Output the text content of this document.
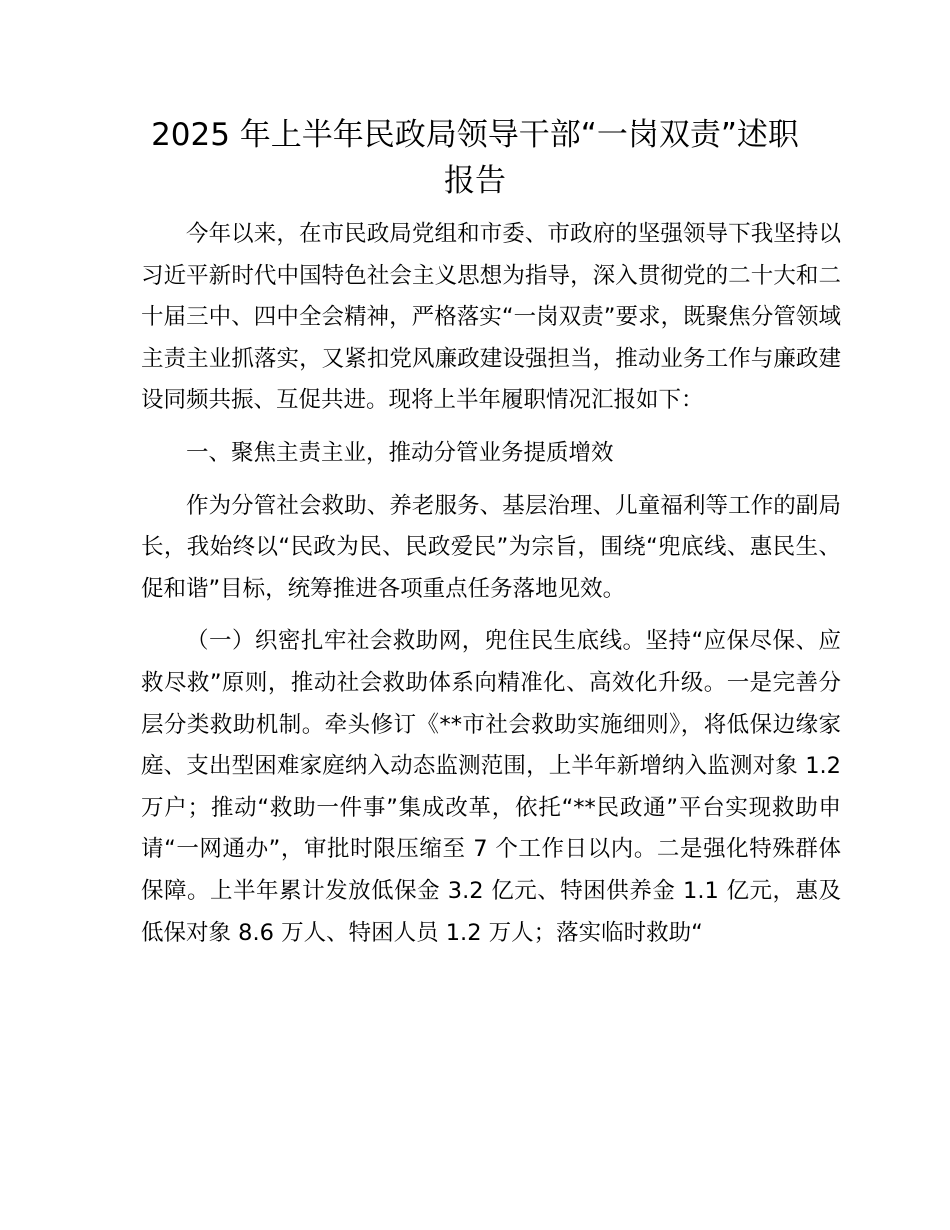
2025 年上半年民政局领导干部“一岗双责”述职报告

今年以来，在市民政局党组和市委、市政府的坚强领导下我坚持以习近平新时代中国特色社会主义思想为指导，深入贯彻党的二十大和二十届三中、四中全会精神，严格落实“一岗双责”要求，既聚焦分管领域主责主业抓落实，又紧扣党风廉政建设强担当，推动业务工作与廉政建设同频共振、互促共进。现将上半年履职情况汇报如下：

一、聚焦主责主业，推动分管业务提质增效

作为分管社会救助、养老服务、基层治理、儿童福利等工作的副局长，我始终以“民政为民、民政爱民”为宗旨，围绕“兜底线、惠民生、促和谐”目标，统筹推进各项重点任务落地见效。

（一）织密扎牢社会救助网，兜住民生底线。坚持“应保尽保、应救尽救”原则，推动社会救助体系向精准化、高效化升级。一是完善分层分类救助机制。牵头修订《**市社会救助实施细则》，将低保边缘家庭、支出型困难家庭纳入动态监测范围，上半年新增纳入监测对象 1.2 万户；推动“救助一件事”集成改革，依托“**民政通”平台实现救助申请“一网通办”，审批时限压缩至 7 个工作日以内。二是强化特殊群体保障。上半年累计发放低保金 3.2 亿元、特困供养金 1.1 亿元，惠及低保对象 8.6 万人、特困人员 1.2 万人；落实临时救助“
